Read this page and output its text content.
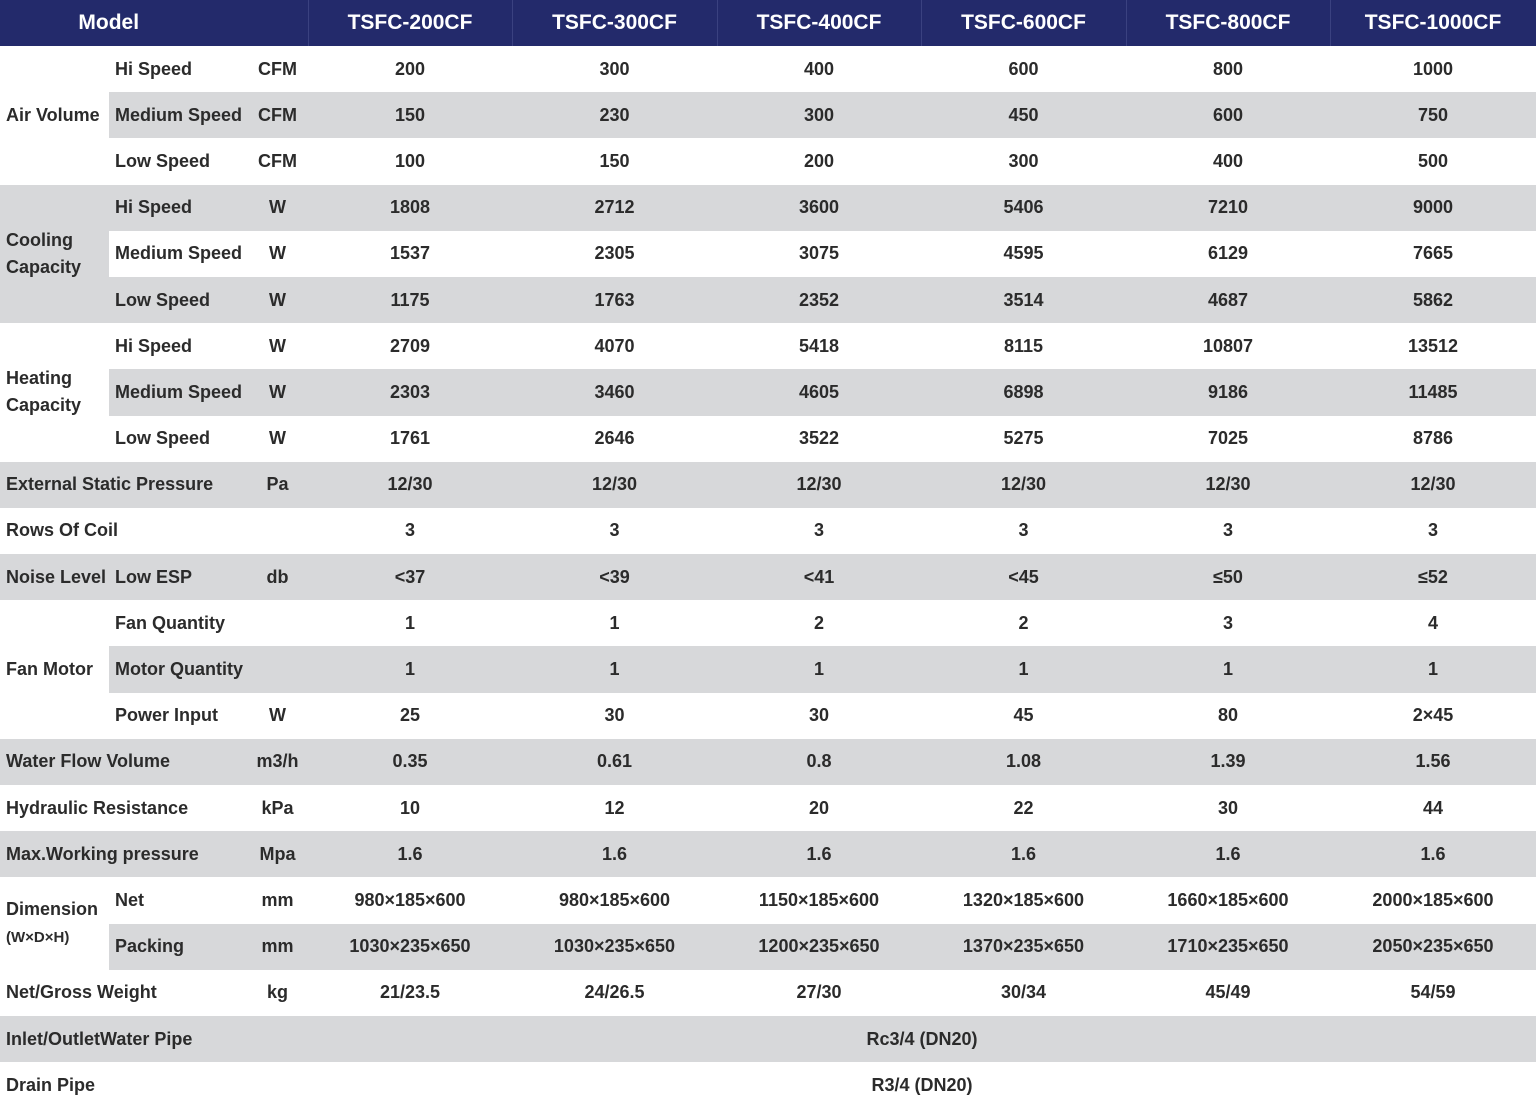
Model			TSFC-200CF	TSFC-300CF	TSFC-400CF	TSFC-600CF	TSFC-800CF	TSFC-1000CF
Air Volume	Hi Speed	CFM	200	300	400	600	800	1000
	Medium Speed	CFM	150	230	300	450	600	750
	Low Speed	CFM	100	150	200	300	400	500
Cooling
Capacity	Hi Speed	W	1808	2712	3600	5406	7210	9000
	Medium Speed	W	1537	2305	3075	4595	6129	7665
	Low Speed	W	1175	1763	2352	3514	4687	5862
Heating
Capacity	Hi Speed	W	2709	4070	5418	8115	10807	13512
	Medium Speed	W	2303	3460	4605	6898	9186	11485
	Low Speed	W	1761	2646	3522	5275	7025	8786
External Static Pressure		Pa	12/30	12/30	12/30	12/30	12/30	12/30
Rows Of Coil			3	3	3	3	3	3
Noise Level	Low ESP	db	<37	<39	<41	<45	≤50	≤52
Fan Motor	Fan Quantity		1	1	2	2	3	4
	Motor Quantity		1	1	1	1	1	1
	Power Input	W	25	30	30	45	80	2×45
Water Flow Volume		m3/h	0.35	0.61	0.8	1.08	1.39	1.56
Hydraulic Resistance		kPa	10	12	20	22	30	44
Max.Working pressure		Mpa	1.6	1.6	1.6	1.6	1.6	1.6
Dimension
(W×D×H)	Net	mm	980×185×600	980×185×600	1150×185×600	1320×185×600	1660×185×600	2000×185×600
	Packing	mm	1030×235×650	1030×235×650	1200×235×650	1370×235×650	1710×235×650	2050×235×650
Net/Gross Weight		kg	21/23.5	24/26.5	27/30	30/34	45/49	54/59
Inlet/OutletWater Pipe			Rc3/4 (DN20)					
Drain Pipe			R3/4 (DN20)					
